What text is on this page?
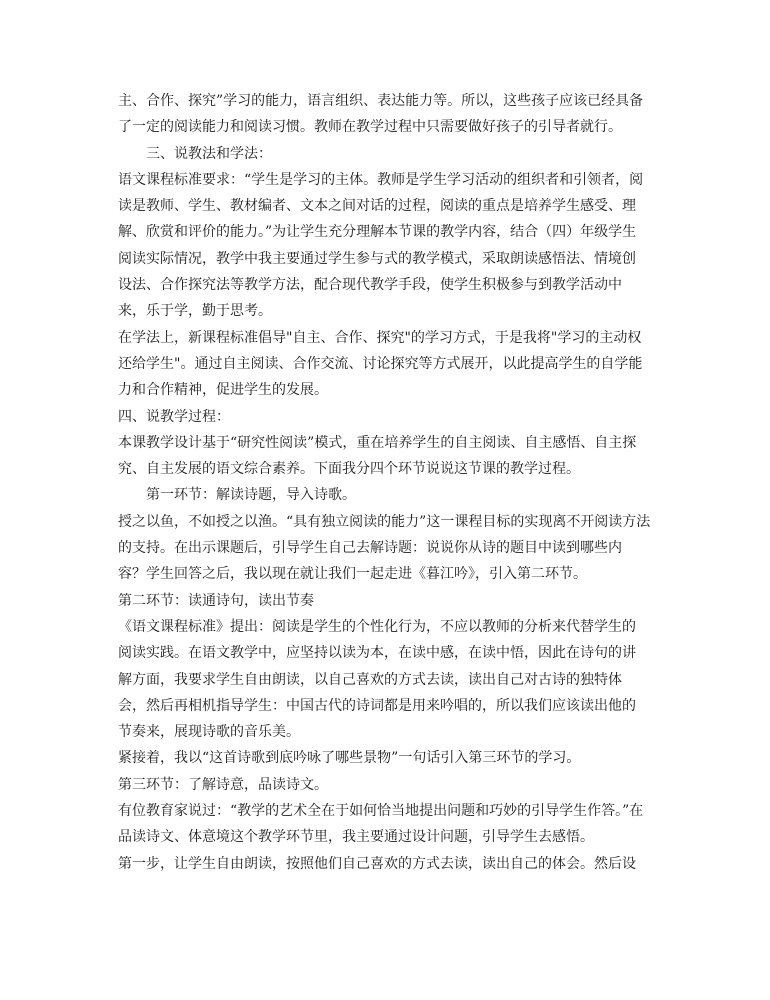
主、合作、探究”学习的能力，语言组织、表达能力等。所以，这些孩子应该已经具备
了一定的阅读能力和阅读习惯。教师在教学过程中只需要做好孩子的引导者就行。
三、说教法和学法：
语文课程标准要求：“学生是学习的主体。教师是学生学习活动的组织者和引领者，阅
读是教师、学生、教材编者、文本之间对话的过程，阅读的重点是培养学生感受、理
解、欣赏和评价的能力。”为让学生充分理解本节课的教学内容，结合（四）年级学生
阅读实际情况，教学中我主要通过学生参与式的教学模式，采取朗读感悟法、情境创
设法、合作探究法等教学方法，配合现代教学手段，使学生积极参与到教学活动中
来，乐于学，勤于思考。
在学法上，新课程标准倡导"自主、合作、探究"的学习方式，于是我将"学习的主动权
还给学生"。通过自主阅读、合作交流、讨论探究等方式展开，以此提高学生的自学能
力和合作精神，促进学生的发展。
四、说教学过程：
本课教学设计基于“研究性阅读”模式，重在培养学生的自主阅读、自主感悟、自主探
究、自主发展的语文综合素养。下面我分四个环节说说这节课的教学过程。
第一环节：解读诗题，导入诗歌。
授之以鱼，不如授之以渔。“具有独立阅读的能力”这一课程目标的实现离不开阅读方法
的支持。在出示课题后，引导学生自己去解诗题：说说你从诗的题目中读到哪些内
容？学生回答之后，我以现在就让我们一起走进《暮江吟》，引入第二环节。
第二环节：读通诗句，读出节奏
《语文课程标准》提出：阅读是学生的个性化行为，不应以教师的分析来代替学生的
阅读实践。在语文教学中，应坚持以读为本，在读中感，在读中悟，因此在诗句的讲
解方面，我要求学生自由朗读，以自己喜欢的方式去读，读出自己对古诗的独特体
会，然后再相机指导学生：中国古代的诗词都是用来吟唱的，所以我们应该读出他的
节奏来，展现诗歌的音乐美。
紧接着，我以“这首诗歌到底吟咏了哪些景物”一句话引入第三环节的学习。
第三环节：了解诗意，品读诗文。
有位教育家说过：“教学的艺术全在于如何恰当地提出问题和巧妙的引导学生作答。”在
品读诗文、体意境这个教学环节里，我主要通过设计问题，引导学生去感悟。
第一步，让学生自由朗读，按照他们自己喜欢的方式去读，读出自己的体会。然后设
